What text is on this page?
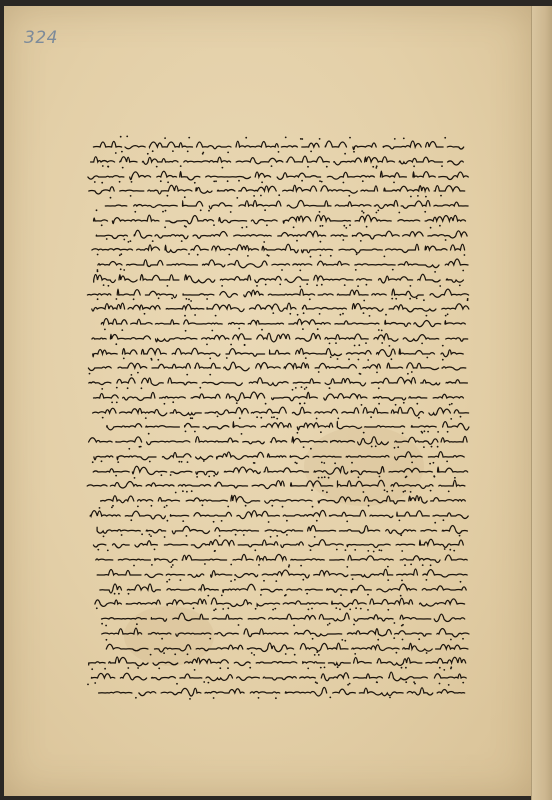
324
